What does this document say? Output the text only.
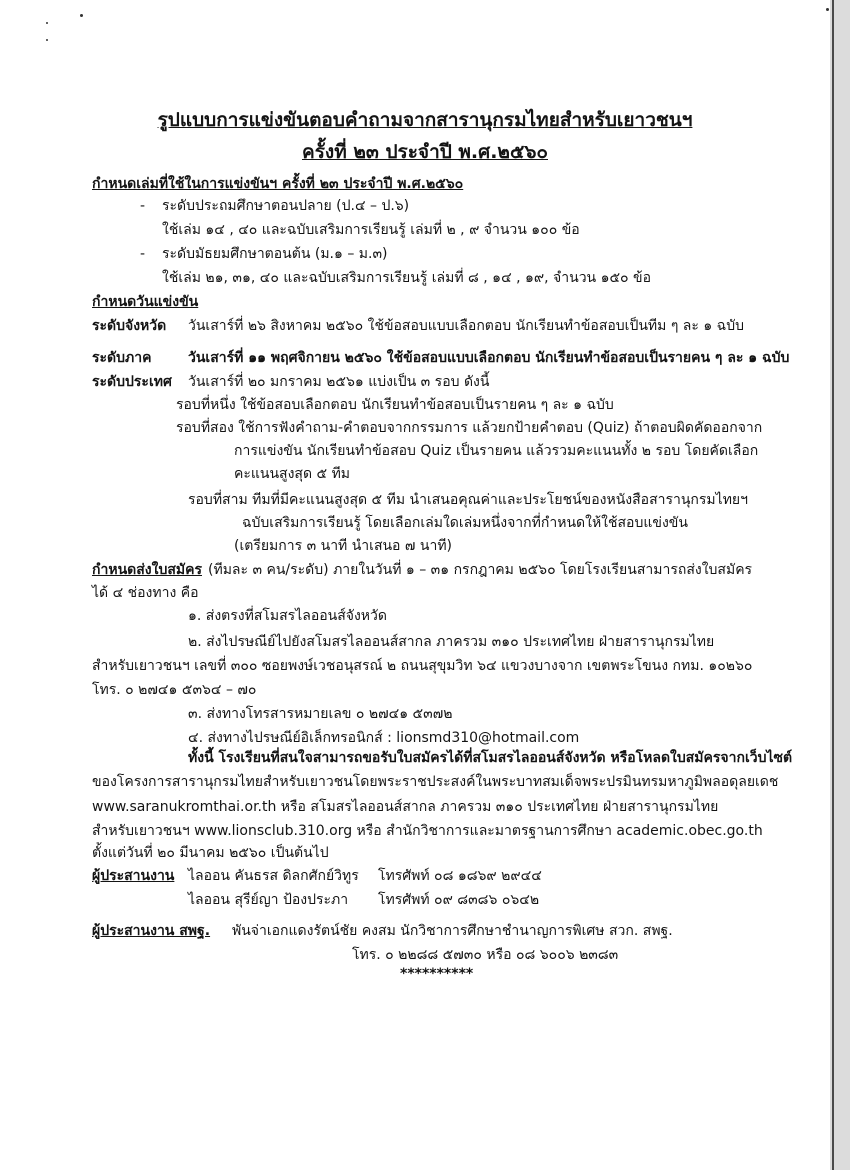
รูปแบบการแข่งขันตอบคำถามจากสารานุกรมไทยสำหรับเยาวชนฯ
ครั้งที่ ๒๓ ประจำปี พ.ศ.๒๕๖๐
กำหนดเล่มที่ใช้ในการแข่งขันฯ ครั้งที่ ๒๓ ประจำปี พ.ศ.๒๕๖๐
- ระดับประถมศึกษาตอนปลาย (ป.๔ – ป.๖)
ใช้เล่ม ๑๔ , ๔๐ และฉบับเสริมการเรียนรู้ เล่มที่ ๒ , ๙ จำนวน ๑๐๐ ข้อ
- ระดับมัธยมศึกษาตอนต้น (ม.๑ – ม.๓)
ใช้เล่ม ๒๑, ๓๑, ๔๐ และฉบับเสริมการเรียนรู้ เล่มที่ ๘ , ๑๔ , ๑๙, จำนวน ๑๕๐ ข้อ
กำหนดวันแข่งขัน
ระดับจังหวัด วันเสาร์ที่ ๒๖ สิงหาคม ๒๕๖๐ ใช้ข้อสอบแบบเลือกตอบ นักเรียนทำข้อสอบเป็นทีม ๆ ละ ๑ ฉบับ
ระดับภาค	วันเสาร์ที่ ๑๑ พฤศจิกายน ๒๕๖๐ ใช้ข้อสอบแบบเลือกตอบ นักเรียนทำข้อสอบเป็นรายคน ๆ ละ ๑ ฉบับ
ระดับประเทศ วันเสาร์ที่ ๒๐ มกราคม ๒๕๖๑ แบ่งเป็น ๓ รอบ ดังนี้
รอบที่หนึ่ง ใช้ข้อสอบเลือกตอบ นักเรียนทำข้อสอบเป็นรายคน ๆ ละ ๑ ฉบับ
รอบที่สอง ใช้การฟังคำถาม-คำตอบจากกรรมการ แล้วยกป้ายคำตอบ (Quiz) ถ้าตอบผิดคัดออกจาก
การแข่งขัน นักเรียนทำข้อสอบ Quiz เป็นรายคน แล้วรวมคะแนนทั้ง ๒ รอบ โดยคัดเลือก
คะแนนสูงสุด ๕ ทีม
รอบที่สาม ทีมที่มีคะแนนสูงสุด ๕ ทีม นำเสนอคุณค่าและประโยชน์ของหนังสือสารานุกรมไทยฯ
ฉบับเสริมการเรียนรู้ โดยเลือกเล่มใดเล่มหนึ่งจากที่กำหนดให้ใช้สอบแข่งขัน
(เตรียมการ ๓ นาที นำเสนอ ๗ นาที)
กำหนดส่งใบสมัคร (ทีมละ ๓ คน/ระดับ) ภายในวันที่ ๑ – ๓๑ กรกฎาคม ๒๕๖๐ โดยโรงเรียนสามารถส่งใบสมัคร
ได้ ๔ ช่องทาง คือ
๑. ส่งตรงที่สโมสรไลออนส์จังหวัด
๒. ส่งไปรษณีย์ไปยังสโมสรไลออนส์สากล ภาครวม ๓๑๐ ประเทศไทย ฝ่ายสารานุกรมไทย
สำหรับเยาวชนฯ เลขที่ ๓๐๐ ซอยพงษ์เวชอนุสรณ์ ๒ ถนนสุขุมวิท ๖๔ แขวงบางจาก เขตพระโขนง กทม. ๑๐๒๖๐
โทร. ๐ ๒๗๔๑ ๕๓๖๔ – ๗๐
๓. ส่งทางโทรสารหมายเลข ๐ ๒๗๔๑ ๕๓๗๒
๔. ส่งทางไปรษณีย์อิเล็กทรอนิกส์ : lionsmd310@hotmail.com
ทั้งนี้ โรงเรียนที่สนใจสามารถขอรับใบสมัครได้ที่สโมสรไลออนส์จังหวัด หรือโหลดใบสมัครจากเว็บไซต์
ของโครงการสารานุกรมไทยสำหรับเยาวชนโดยพระราชประสงค์ในพระบาทสมเด็จพระปรมินทรมหาภูมิพลอดุลยเดช
www.saranukromthai.or.th หรือ สโมสรไลออนส์สากล ภาครวม ๓๑๐ ประเทศไทย ฝ่ายสารานุกรมไทย
สำหรับเยาวชนฯ www.lionsclub.310.org หรือ สำนักวิชาการและมาตรฐานการศึกษา academic.obec.go.th
ตั้งแต่วันที่ ๒๐ มีนาคม ๒๕๖๐ เป็นต้นไป
ผู้ประสานงาน ไลออน คันธรส ดิลกศักย์วิทูร โทรศัพท์ ๐๘ ๑๘๖๙ ๒๙๔๔
ไลออน สุรีย์ญา ป้องประภา โทรศัพท์ ๐๙ ๘๓๘๖ ๐๖๔๒
ผู้ประสานงาน สพฐ. พันจ่าเอกแดงรัตน์ชัย คงสม นักวิชาการศึกษาชำนาญการพิเศษ สวก. สพฐ.
โทร. ๐ ๒๒๘๘ ๕๗๓๐ หรือ ๐๘ ๖๐๐๖ ๒๓๘๓
**********
